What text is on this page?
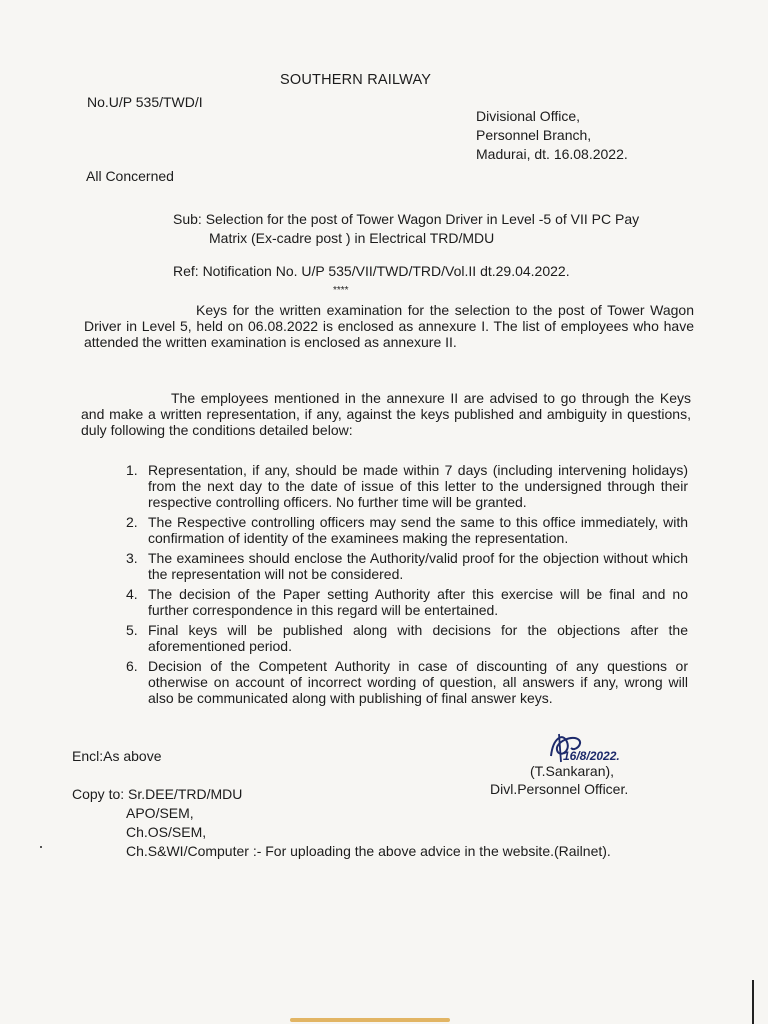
SOUTHERN RAILWAY
No.U/P 535/TWD/I
Divisional Office,
Personnel Branch,
Madurai, dt. 16.08.2022.
All Concerned
Sub: Selection for the post of Tower Wagon Driver in Level -5 of VII PC Pay
Matrix (Ex-cadre post ) in Electrical TRD/MDU
Ref: Notification No. U/P 535/VII/TWD/TRD/Vol.II dt.29.04.2022.
****
Keys for the written examination for the selection to the post of Tower Wagon Driver in Level 5, held on 06.08.2022 is enclosed as annexure I. The list of employees who have attended the written examination is enclosed as annexure II.
The employees mentioned in the annexure II are advised to go through the Keys and make a written representation, if any, against the keys published and ambiguity in questions, duly following the conditions detailed below:
1. Representation, if any, should be made within 7 days (including intervening holidays) from the next day to the date of issue of this letter to the undersigned through their respective controlling officers. No further time will be granted.
2. The Respective controlling officers may send the same to this office immediately, with confirmation of identity of the examinees making the representation.
3. The examinees should enclose the Authority/valid proof for the objection without which the representation will not be considered.
4. The decision of the Paper setting Authority after this exercise will be final and no further correspondence in this regard will be entertained.
5. Final keys will be published along with decisions for the objections after the aforementioned period.
6. Decision of the Competent Authority in case of discounting of any questions or otherwise on account of incorrect wording of question, all answers if any, wrong will also be communicated along with publishing of final answer keys.
Encl:As above	16/8/2022.
(T.Sankaran),
Divl.Personnel Officer.
Copy to: Sr.DEE/TRD/MDU
APO/SEM,
Ch.OS/SEM,
Ch.S&WI/Computer :- For uploading the above advice in the website.(Railnet).
